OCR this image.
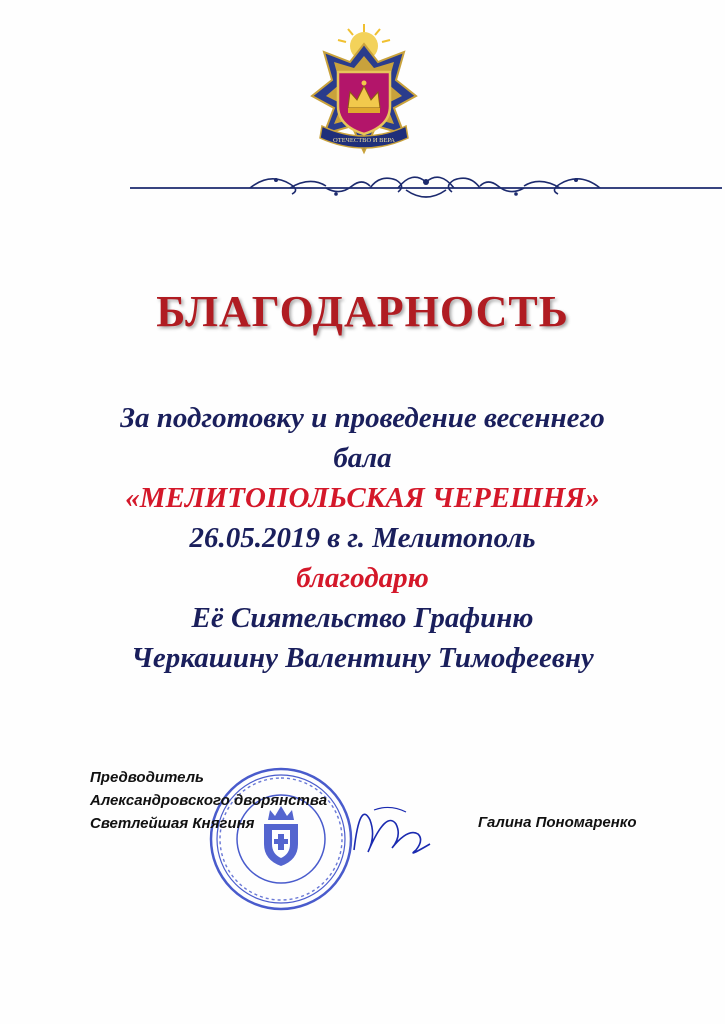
ОТЕЧЕСТВО И ВЕРА
БЛАГОДАРНОСТЬ
За подготовку и проведение весеннего
бала
«МЕЛИТОПОЛЬСКАЯ ЧЕРЕШНЯ»
26.05.2019 в г. Мелитополь
благодарю
Её Сиятельство Графиню
Черкашину Валентину Тимофеевну
Предводитель
Александровского дворянства
Светлейшая Княгиня	Галина Пономаренко
